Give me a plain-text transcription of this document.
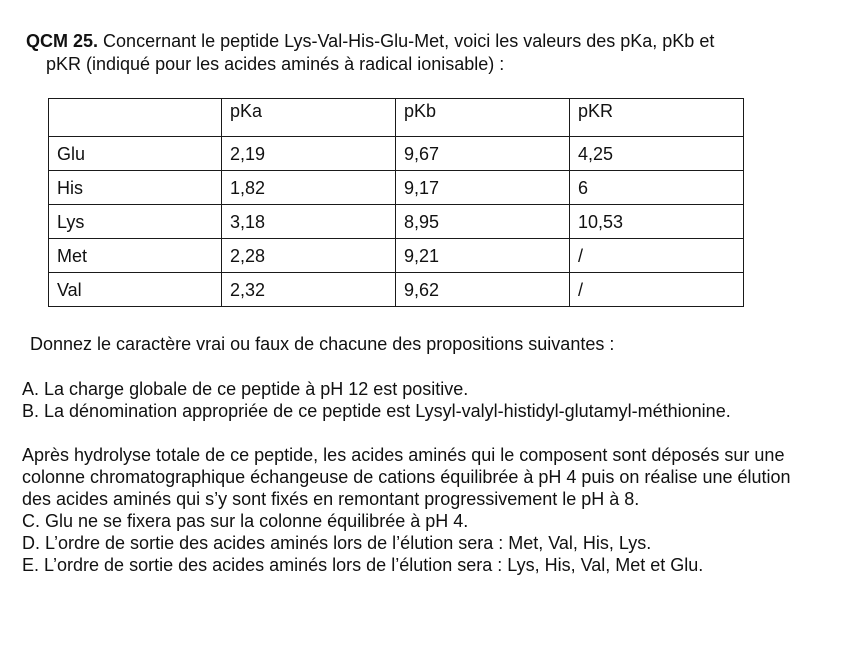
QCM 25. Concernant le peptide Lys-Val-His-Glu-Met, voici les valeurs des pKa, pKb et
pKR (indiqué pour les acides aminés à radical ionisable) :
	pKa	pKb	pKR
Glu	2,19	9,67	4,25
His	1,82	9,17	6
Lys	3,18	8,95	10,53
Met	2,28	9,21	/
Val	2,32	9,62	/
Donnez le caractère vrai ou faux de chacune des propositions suivantes :

A. La charge globale de ce peptide à pH 12 est positive.

B. La dénomination appropriée de ce peptide est Lysyl-valyl-histidyl-glutamyl-méthionine.

Après hydrolyse totale de ce peptide, les acides aminés qui le composent sont déposés sur une colonne chromatographique échangeuse de cations équilibrée à pH 4 puis on réalise une élution des acides aminés qui s’y sont fixés en remontant progressivement le pH à 8.

C. Glu ne se fixera pas sur la colonne équilibrée à pH 4.

D. L’ordre de sortie des acides aminés lors de l’élution sera : Met, Val, His, Lys.

E. L’ordre de sortie des acides aminés lors de l’élution sera : Lys, His, Val, Met et Glu.
